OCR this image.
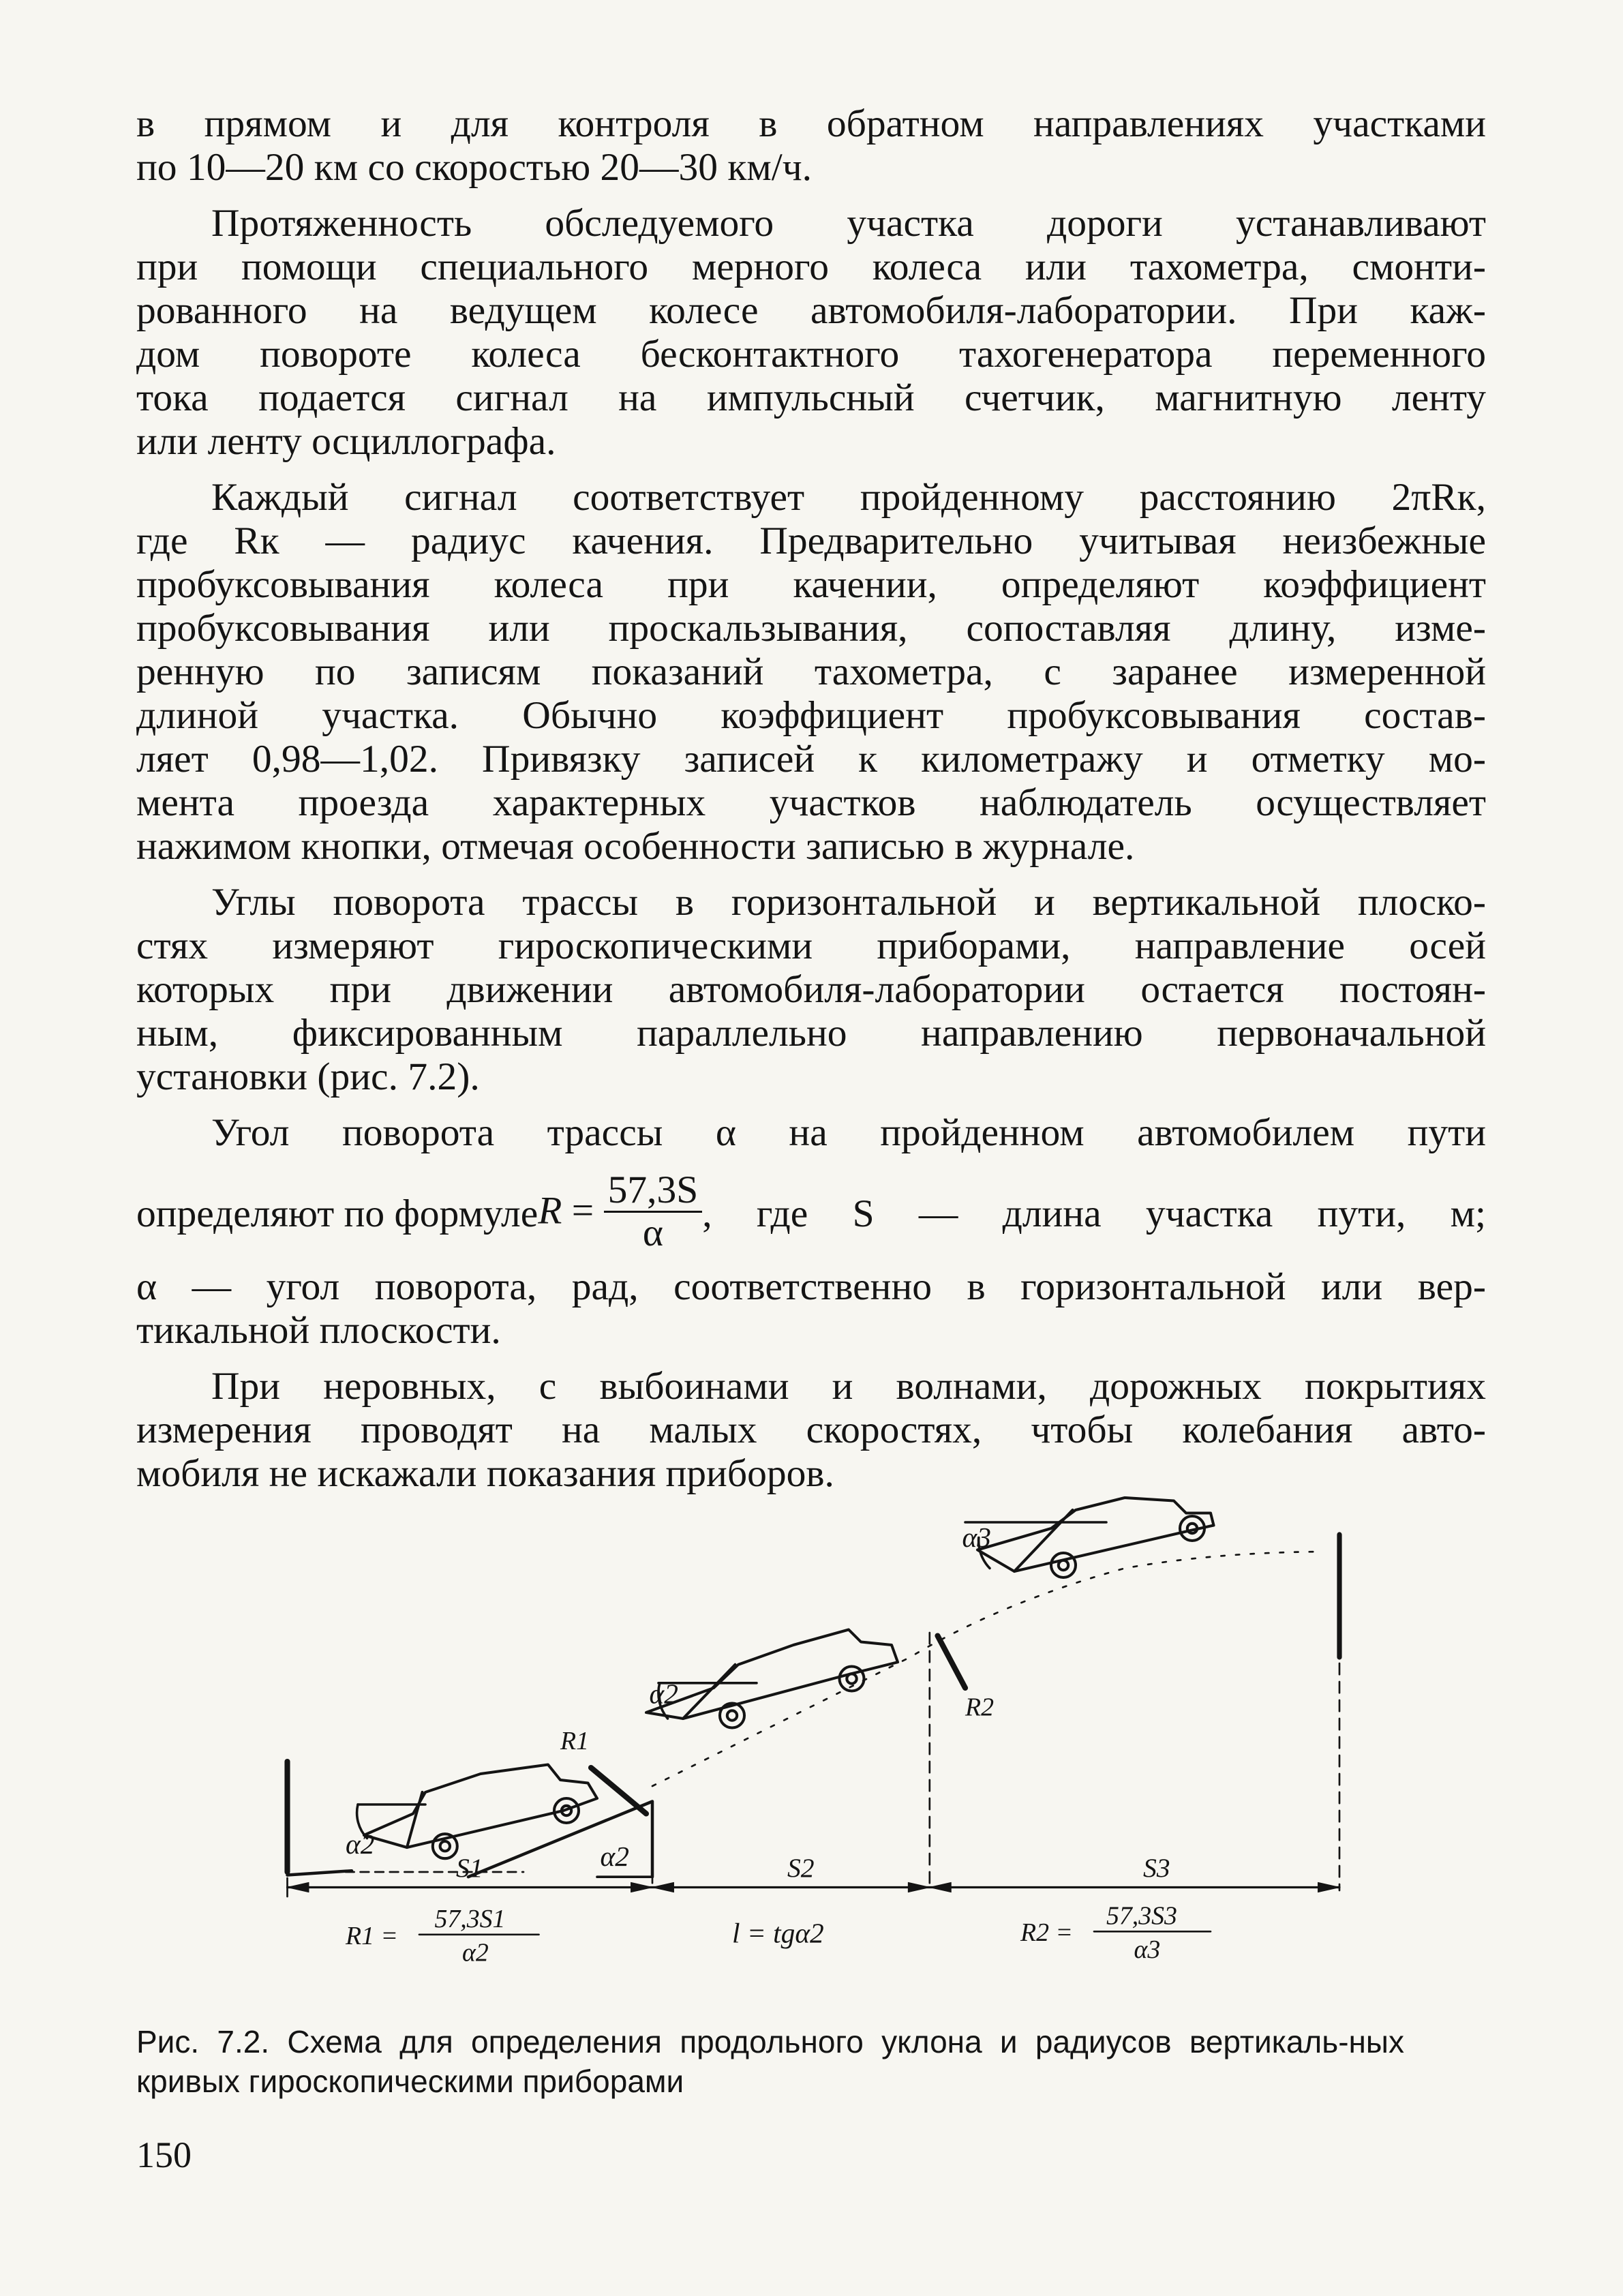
в прямом и для контроля в обратном направлениях участками

по 10—20 км со скоростью 20—30 км/ч.

Протяженность обследуемого участка дороги устанавливают

при помощи специального мерного колеса или тахометра, смонти-

рованного на ведущем колесе автомобиля-лаборатории. При каж-

дом повороте колеса бесконтактного тахогенератора переменного

тока подается сигнал на импульсный счетчик, магнитную ленту

или ленту осциллографа.

Каждый сигнал соответствует пройденному расстоянию 2πRк,

где Rк — радиус качения. Предварительно учитывая неизбежные

пробуксовывания колеса при качении, определяют коэффициент

пробуксовывания или проскальзывания, сопоставляя длину, изме-

ренную по записям показаний тахометра, с заранее измеренной

длиной участка. Обычно коэффициент пробуксовывания состав-

ляет 0,98—1,02. Привязку записей к километражу и отметку мо-

мента проезда характерных участков наблюдатель осуществляет

нажимом кнопки, отмечая особенности записью в журнале.

Углы поворота трассы в горизонтальной и вертикальной плоско-

стях измеряют гироскопическими приборами, направление осей

которых при движении автомобиля-лаборатории остается постоян-

ным, фиксированным параллельно направлению первоначальной

установки (рис. 7.2).

Угол поворота трассы α на пройденном автомобилем пути

определяют по формуле $R = \frac{57,3S}{\alpha}$ , где S — длина участка пути, м;

α — угол поворота, рад, соответственно в горизонтальной или вер-

тикальной плоскости.

При неровных, с выбоинами и волнами, дорожных покрытиях

измерения проводят на малых скоростях, чтобы колебания авто-

мобиля не искажали показания приборов.

α2	α2
α2
α3
R1
R2
S1	S2	S3
R1 =
57,3S1
α2
l = tgα2	R2 =
57,3S3
α3

Рис. 7.2. Схема для определения продольного уклона и радиусов вертикаль-ных кривых гироскопическими приборами

150
